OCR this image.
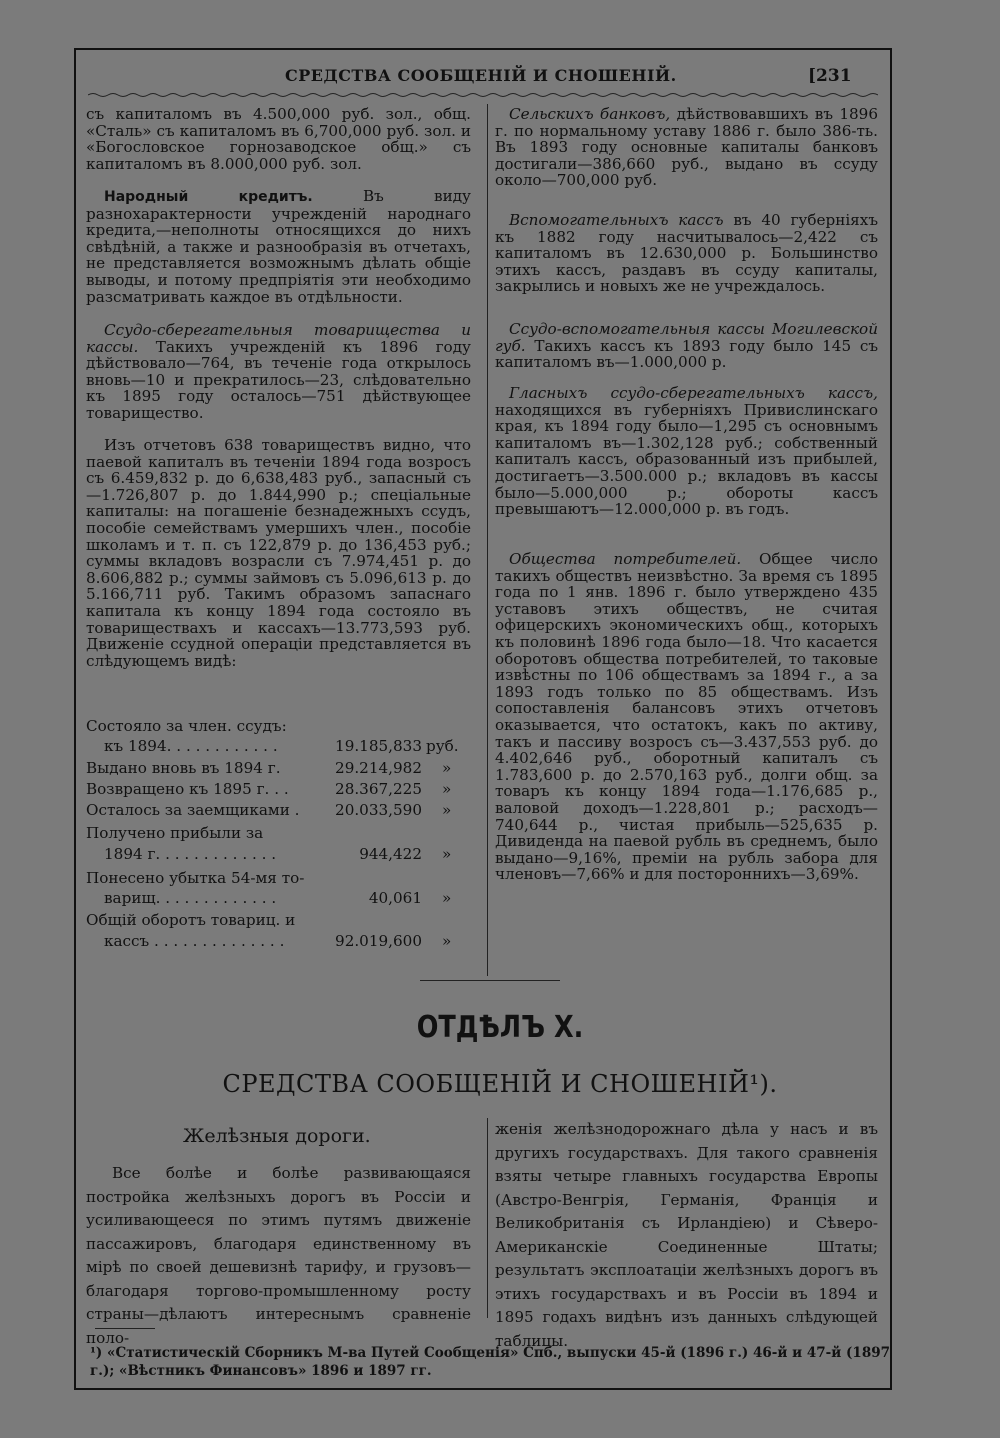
СРЕДСТВА СООБЩЕНІЙ И СНОШЕНІЙ.	[231

съ капиталомъ въ 4.500,000 руб. зол., общ. «Сталь» съ капиталомъ въ 6,700,000 руб. зол. и «Богословское горнозаводское общ.» съ капиталомъ въ 8.000,000 руб. зол.

Народный кредитъ. Въ виду разнохарактерности учрежденій народнаго кредита,—неполноты относящихся до нихъ свѣдѣній, а также и разнообразія въ отчетахъ, не представляется возможнымъ дѣлать общіе выводы, и потому предпріятія эти необходимо разсматривать каждое въ отдѣльности.

Ссудо-сберегательныя товарищества и кассы. Такихъ учрежденій къ 1896 году дѣйствовало—764, въ теченіе года открылось вновь—10 и прекратилось—23, слѣдовательно къ 1895 году осталось—751 дѣйствующее товарищество.

Изъ отчетовъ 638 товариществъ видно, что паевой капиталъ въ теченіи 1894 года возросъ съ 6.459,832 р. до 6,638,483 руб., запасный съ—1.726,807 р. до 1.844,990 р.; спеціальные капиталы: на погашеніе безнадежныхъ ссудъ, пособіе семействамъ умершихъ член., пособіе школамъ и т. п. съ 122,879 р. до 136,453 руб.; суммы вкладовъ возрасли съ 7.974,451 р. до 8.606,882 р.; суммы займовъ съ 5.096,613 р. до 5.166,711 руб. Такимъ образомъ запаснаго капитала къ концу 1894 года состояло въ товариществахъ и кассахъ—13.773,593 руб. Движеніе ссудной операціи представляется въ слѣдующемъ видѣ:

Состояло за член. ссудъ:
къ 1894. . . . . . . . . . . .	19.185,833 руб.
Выдано вновь въ 1894 г.	29.214,982 »
Возвращено къ 1895 г. . .	28.367,225 »
Осталось за заемщиками .	20.033,590 »
Получено прибыли за
1894 г. . . . . . . . . . . . .	944,422 »
Понесено убытка 54-мя то-
варищ. . . . . . . . . . . . .	40,061 »
Общій оборотъ товариц. и
кассъ . . . . . . . . . . . . . .	92.019,600 »

Сельскихъ банковъ, дѣйствовавшихъ въ 1896 г. по нормальному уставу 1886 г. было 386-ть. Въ 1893 году основные капиталы банковъ достигали—386,660 руб., выдано въ ссуду около—700,000 руб.

Вспомогательныхъ кассъ въ 40 губерніяхъ къ 1882 году насчитывалось—2,422 съ капиталомъ въ 12.630,000 р. Большинство этихъ кассъ, раздавъ въ ссуду капиталы, закрылись и новыхъ же не учреждалось.

Ссудо-вспомогательныя кассы Могилевской губ. Такихъ кассъ къ 1893 году было 145 съ капиталомъ въ—1.000,000 р.

Гласныхъ ссудо-сберегательныхъ кассъ, находящихся въ губерніяхъ Привислинскаго края, къ 1894 году было—1,295 съ основнымъ капиталомъ въ—1.302,128 руб.; собственный капиталъ кассъ, образованный изъ прибылей, достигаетъ—3.500.000 р.; вкладовъ въ кассы было—5.000,000 р.; обороты кассъ превышаютъ—12.000,000 р. въ годъ.

Общества потребителей. Общее число такихъ обществъ неизвѣстно. За время съ 1895 года по 1 янв. 1896 г. было утверждено 435 уставовъ этихъ обществъ, не считая офицерскихъ экономическихъ общ., которыхъ къ половинѣ 1896 года было—18. Что касается оборотовъ общества потребителей, то таковые извѣстны по 106 обществамъ за 1894 г., а за 1893 годъ только по 85 обществамъ. Изъ сопоставленія балансовъ этихъ отчетовъ оказывается, что остатокъ, какъ по активу, такъ и пассиву возросъ съ—3.437,553 руб. до 4.402,646 руб., оборотный капиталъ съ 1.783,600 р. до 2.570,163 руб., долги общ. за товаръ къ концу 1894 года—1.176,685 р., валовой доходъ—1.228,801 р.; расходъ—740,644 р., чистая прибыль—525,635 р. Дивиденда на паевой рубль въ среднемъ, было выдано—9,16%, преміи на рубль забора для членовъ—7,66% и для постороннихъ—3,69%.

ОТДѢЛЪ X.
СРЕДСТВА СООБЩЕНІЙ И СНОШЕНІЙ¹).
Желѣзныя дороги.

Все болѣе и болѣе развивающаяся постройка желѣзныхъ дорогъ въ Россіи и усиливающееся по этимъ путямъ движеніе пассажировъ, благодаря единственному въ мірѣ по своей дешевизнѣ тарифу, и грузовъ—благодаря торгово-промышленному росту страны—дѣлаютъ интереснымъ сравненіе поло-

женія желѣзнодорожнаго дѣла у насъ и въ другихъ государствахъ. Для такого сравненія взяты четыре главныхъ государства Европы (Австро-Венгрія, Германія, Франція и Великобританія съ Ирландіею) и Сѣверо-Американскіе Соединенные Штаты; результатъ эксплоатаціи желѣзныхъ дорогъ въ этихъ государствахъ и въ Россіи въ 1894 и 1895 годахъ видѣнъ изъ данныхъ слѣдующей таблицы.

¹) «Статистическій Сборникъ М-ва Путей Сообщенія» Спб., выпуски 45-й (1896 г.) 46-й и 47-й (1897 г.); «Вѣстникъ Финансовъ» 1896 и 1897 гг.
